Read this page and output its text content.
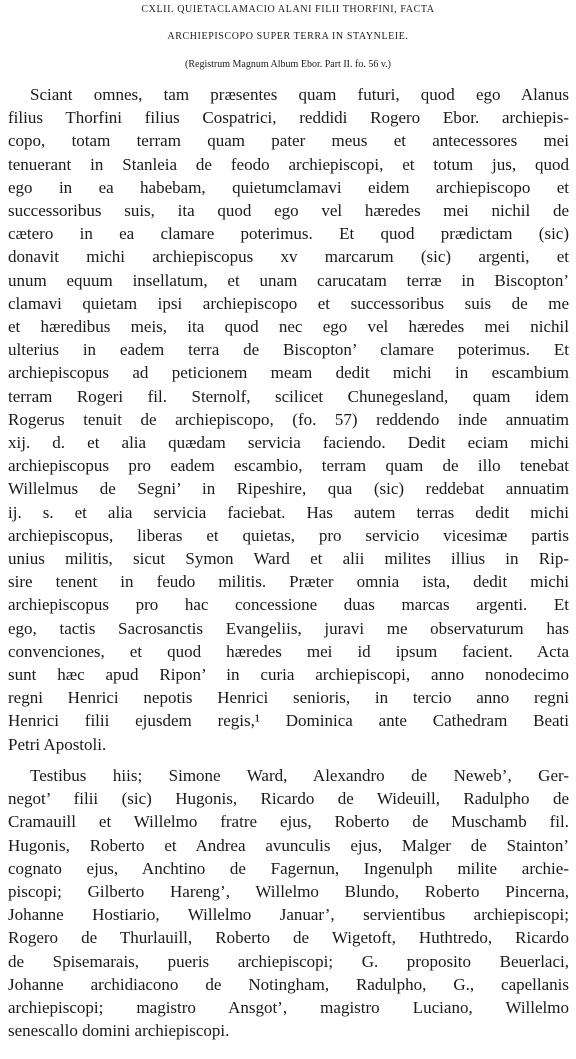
CXLII. QUIETACLAMACIO ALANI FILII THORFINI, FACTA
ARCHIEPISCOPO SUPER TERRA IN STAYNLEIE.
(Registrum Magnum Album Ebor. Part II. fo. 56 v.)
Sciant omnes, tam præsentes quam futuri, quod ego Alanus
filius Thorfini filius Cospatrici, reddidi Rogero Ebor. archiepis-
copo, totam terram quam pater meus et antecessores mei
tenuerant in Stanleia de feodo archiepiscopi, et totum jus, quod
ego in ea habebam, quietumclamavi eidem archiepiscopo et
successoribus suis, ita quod ego vel hæredes mei nichil de
cætero in ea clamare poterimus. Et quod prædictam (sic)
donavit michi archiepiscopus xv marcarum (sic) argenti, et
unum equum insellatum, et unam carucatam terræ in Biscopton’
clamavi quietam ipsi archiepiscopo et successoribus suis de me
et hæredibus meis, ita quod nec ego vel hæredes mei nichil
ulterius in eadem terra de Biscopton’ clamare poterimus. Et
archiepiscopus ad peticionem meam dedit michi in escambium
terram Rogeri fil. Sternolf, scilicet Chunegesland, quam idem
Rogerus tenuit de archiepiscopo, (fo. 57) reddendo inde annuatim
xij. d. et alia quædam servicia faciendo. Dedit eciam michi
archiepiscopus pro eadem escambio, terram quam de illo tenebat
Willelmus de Segni’ in Ripeshire, qua (sic) reddebat annuatim
ij. s. et alia servicia faciebat. Has autem terras dedit michi
archiepiscopus, liberas et quietas, pro servicio vicesimæ partis
unius militis, sicut Symon Ward et alii milites illius in Rip-
sire tenent in feudo militis. Præter omnia ista, dedit michi
archiepiscopus pro hac concessione duas marcas argenti. Et
ego, tactis Sacrosanctis Evangeliis, juravi me observaturum has
convenciones, et quod hæredes mei id ipsum facient. Acta
sunt hæc apud Ripon’ in curia archiepiscopi, anno nonodecimo
regni Henrici nepotis Henrici senioris, in tercio anno regni
Henrici filii ejusdem regis,¹ Dominica ante Cathedram Beati
Petri Apostoli.
Testibus hiis; Simone Ward, Alexandro de Neweb’, Ger-
negot’ filii (sic) Hugonis, Ricardo de Wideuill, Radulpho de
Cramauill et Willelmo fratre ejus, Roberto de Muschamb fil.
Hugonis, Roberto et Andrea avunculis ejus, Malger de Stainton’
cognato ejus, Anchtino de Fagernun, Ingenulph milite archie-
piscopi; Gilberto Hareng’, Willelmo Blundo, Roberto Pincerna,
Johanne Hostiario, Willelmo Januar’, servientibus archiepiscopi;
Rogero de Thurlauill, Roberto de Wigetoft, Huthtredo, Ricardo
de Spisemarais, pueris archiepiscopi; G. proposito Beuerlaci,
Johanne archidiacono de Notingham, Radulpho, G., capellanis
archiepiscopi; magistro Ansgot’, magistro Luciano, Willelmo
senescallo domini archiepiscopi.
